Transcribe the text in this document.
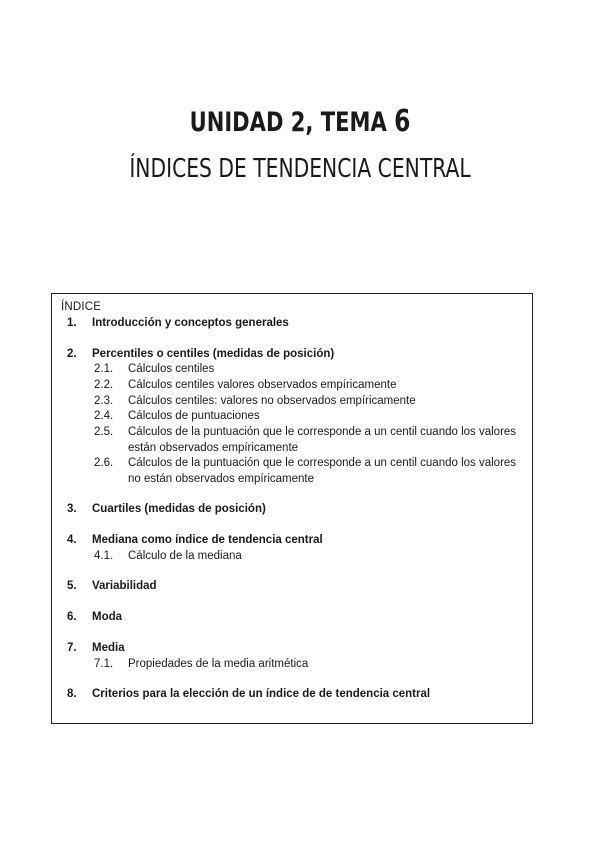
UNIDAD 2, TEMA 6
ÍNDICES DE TENDENCIA CENTRAL
ÍNDICE
1. Introducción y conceptos generales
2. Percentiles o centiles (medidas de posición)
2.1. Cálculos centiles
2.2. Cálculos centiles valores observados empíricamente
2.3. Cálculos centiles: valores no observados empíricamente
2.4. Cálculos de puntuaciones
2.5. Cálculos de la puntuación que le corresponde a un centil cuando los valores están observados empíricamente
2.6. Cálculos de la puntuación que le corresponde a un centil cuando los valores no están observados empíricamente
3. Cuartiles (medidas de posición)
4. Mediana como índice de tendencia central
4.1. Cálculo de la mediana
5. Variabilidad
6. Moda
7. Media
7.1. Propiedades de la media aritmética
8. Criterios para la elección de un índice de de tendencia central
